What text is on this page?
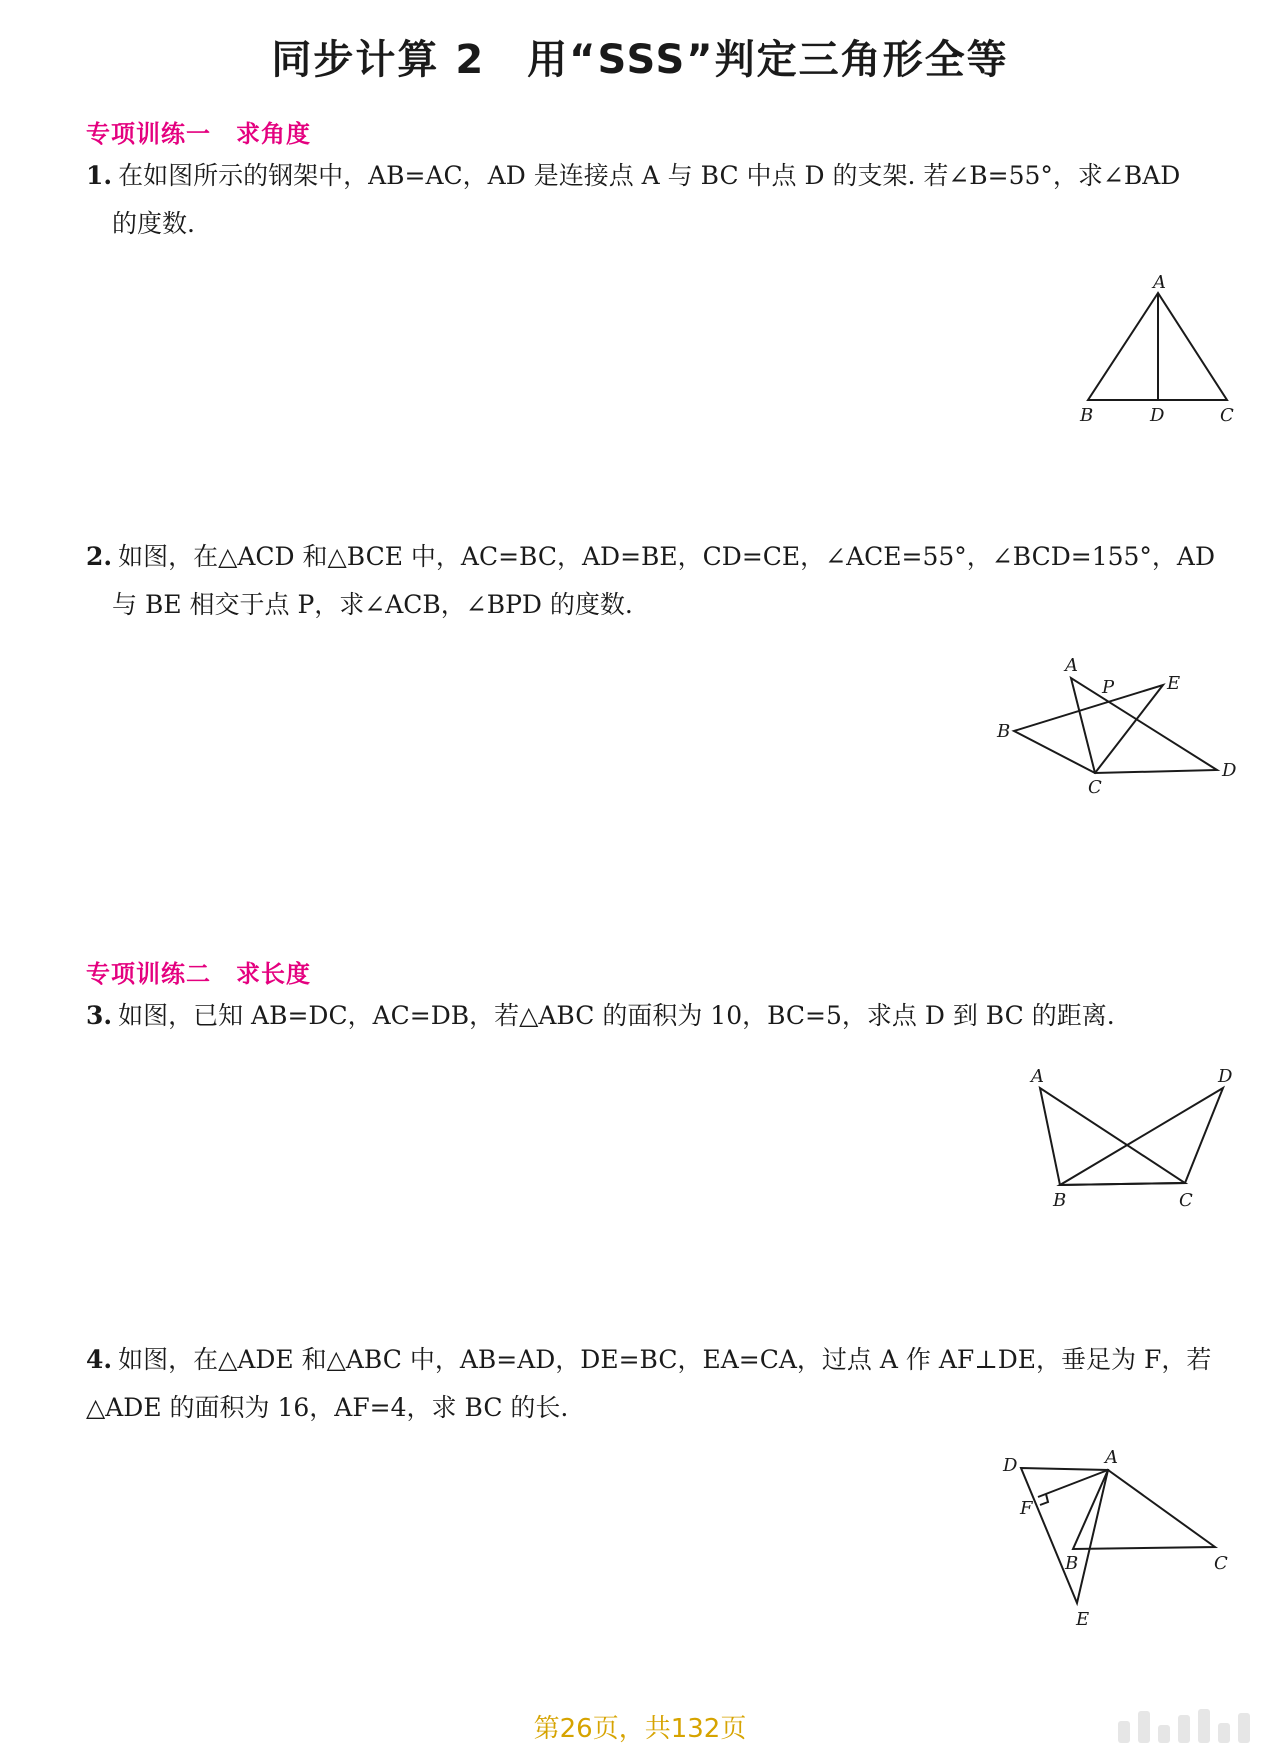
同步计算 2　用“SSS”判定三角形全等
专项训练一　求角度
1. 在如图所示的钢架中，AB=AC，AD 是连接点 A 与 BC 中点 D 的支架. 若∠B=55°，求∠BAD
的度数.
A
B	D	C
2. 如图，在△ACD 和△BCE 中，AC=BC，AD=BE，CD=CE，∠ACE=55°，∠BCD=155°，AD
与 BE 相交于点 P，求∠ACB，∠BPD 的度数.
A
P	E
B
C
D
专项训练二　求长度
3. 如图，已知 AB=DC，AC=DB，若△ABC 的面积为 10，BC=5，求点 D 到 BC 的距离.
A	D
B	C
4. 如图，在△ADE 和△ABC 中，AB=AD，DE=BC，EA=CA，过点 A 作 AF⊥DE，垂足为 F，若
△ADE 的面积为 16，AF=4，求 BC 的长.
D	A
F
B	C
E
第26页，共132页
